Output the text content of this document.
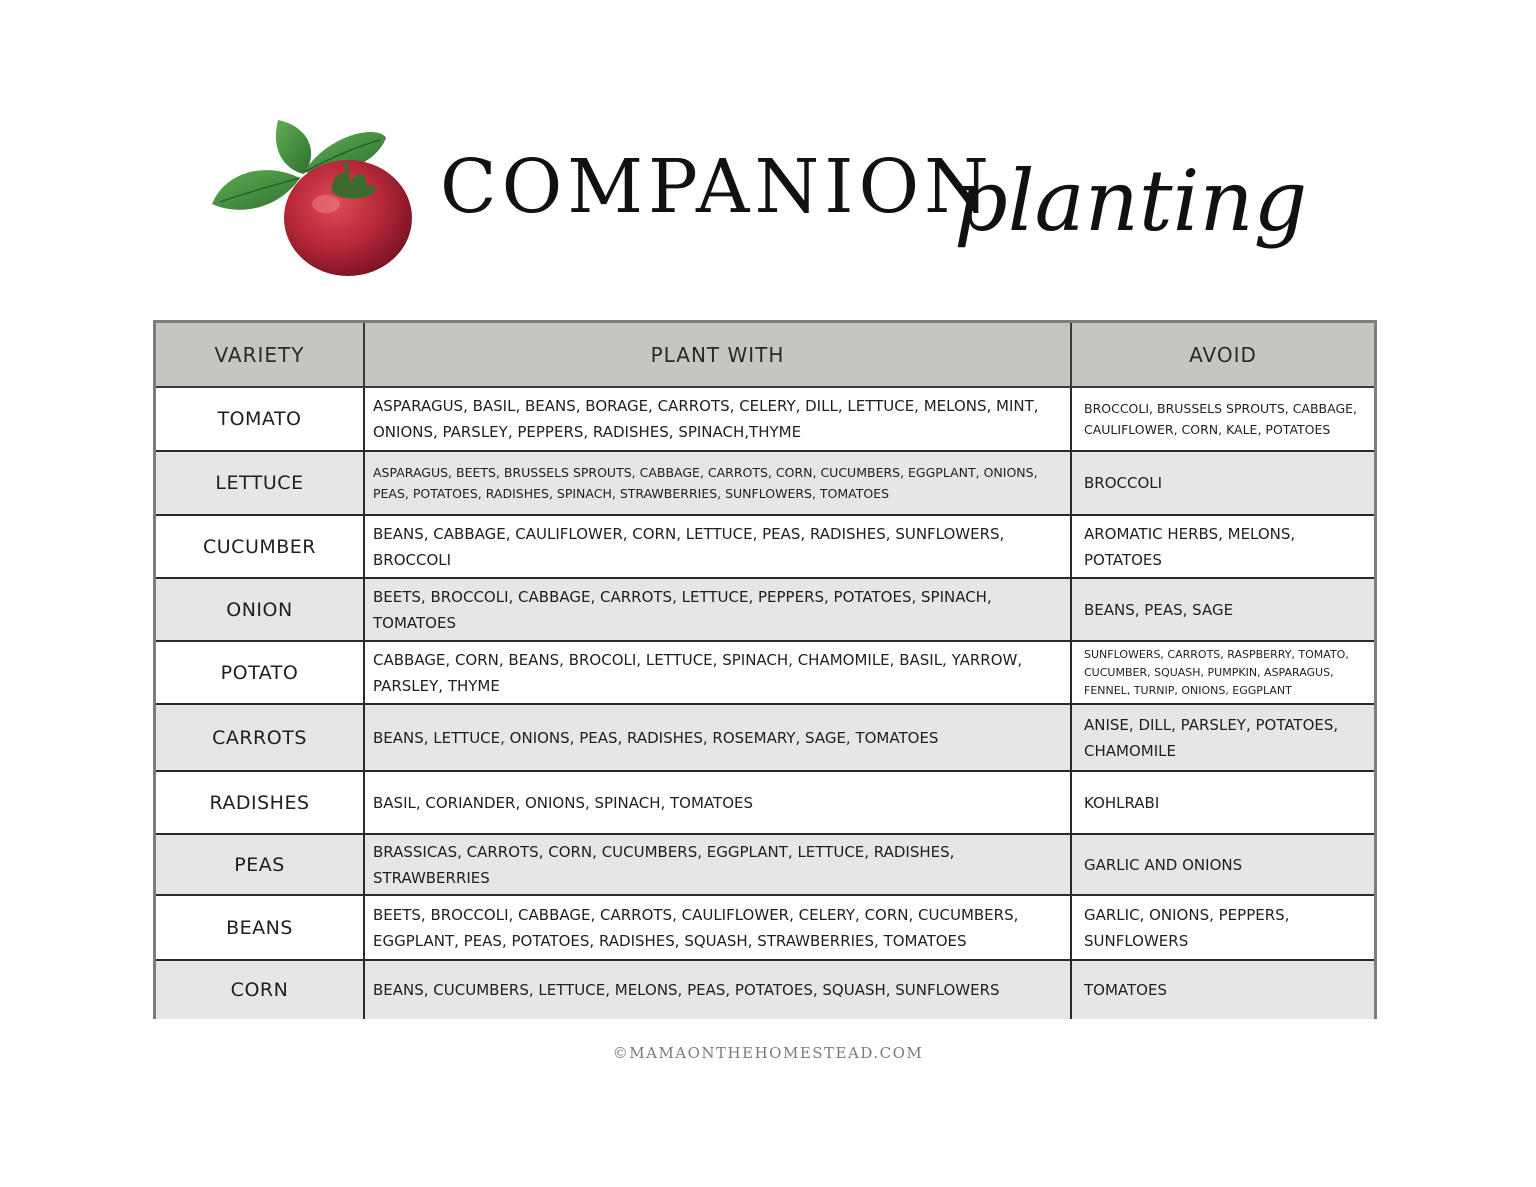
COMPANION
planting
VARIETY	PLANT WITH	AVOID
TOMATO	ASPARAGUS, BASIL, BEANS, BORAGE, CARROTS, CELERY, DILL, LETTUCE, MELONS, MINT, ONIONS, PARSLEY, PEPPERS, RADISHES, SPINACH,THYME	BROCCOLI, BRUSSELS SPROUTS, CABBAGE, CAULIFLOWER, CORN, KALE, POTATOES
LETTUCE	ASPARAGUS, BEETS, BRUSSELS SPROUTS, CABBAGE, CARROTS, CORN, CUCUMBERS, EGGPLANT, ONIONS, PEAS, POTATOES, RADISHES, SPINACH, STRAWBERRIES, SUNFLOWERS, TOMATOES	BROCCOLI
CUCUMBER	BEANS, CABBAGE, CAULIFLOWER, CORN, LETTUCE, PEAS, RADISHES, SUNFLOWERS, BROCCOLI	AROMATIC HERBS, MELONS, POTATOES
ONION	BEETS, BROCCOLI, CABBAGE, CARROTS, LETTUCE, PEPPERS, POTATOES, SPINACH, TOMATOES	BEANS, PEAS, SAGE
POTATO	CABBAGE, CORN, BEANS, BROCOLI, LETTUCE, SPINACH, CHAMOMILE, BASIL, YARROW, PARSLEY, THYME	SUNFLOWERS, CARROTS, RASPBERRY, TOMATO, CUCUMBER, SQUASH, PUMPKIN, ASPARAGUS, FENNEL, TURNIP, ONIONS, EGGPLANT
CARROTS	BEANS, LETTUCE, ONIONS, PEAS, RADISHES, ROSEMARY, SAGE, TOMATOES	ANISE, DILL, PARSLEY, POTATOES, CHAMOMILE
RADISHES	BASIL, CORIANDER, ONIONS, SPINACH, TOMATOES	KOHLRABI
PEAS	BRASSICAS, CARROTS, CORN, CUCUMBERS, EGGPLANT, LETTUCE, RADISHES, STRAWBERRIES	GARLIC AND ONIONS
BEANS	BEETS, BROCCOLI, CABBAGE, CARROTS, CAULIFLOWER, CELERY, CORN, CUCUMBERS, EGGPLANT, PEAS, POTATOES, RADISHES, SQUASH, STRAWBERRIES, TOMATOES	GARLIC, ONIONS, PEPPERS, SUNFLOWERS
CORN	BEANS, CUCUMBERS, LETTUCE, MELONS, PEAS, POTATOES, SQUASH, SUNFLOWERS	TOMATOES
©MAMAONTHEHOMESTEAD.COM
